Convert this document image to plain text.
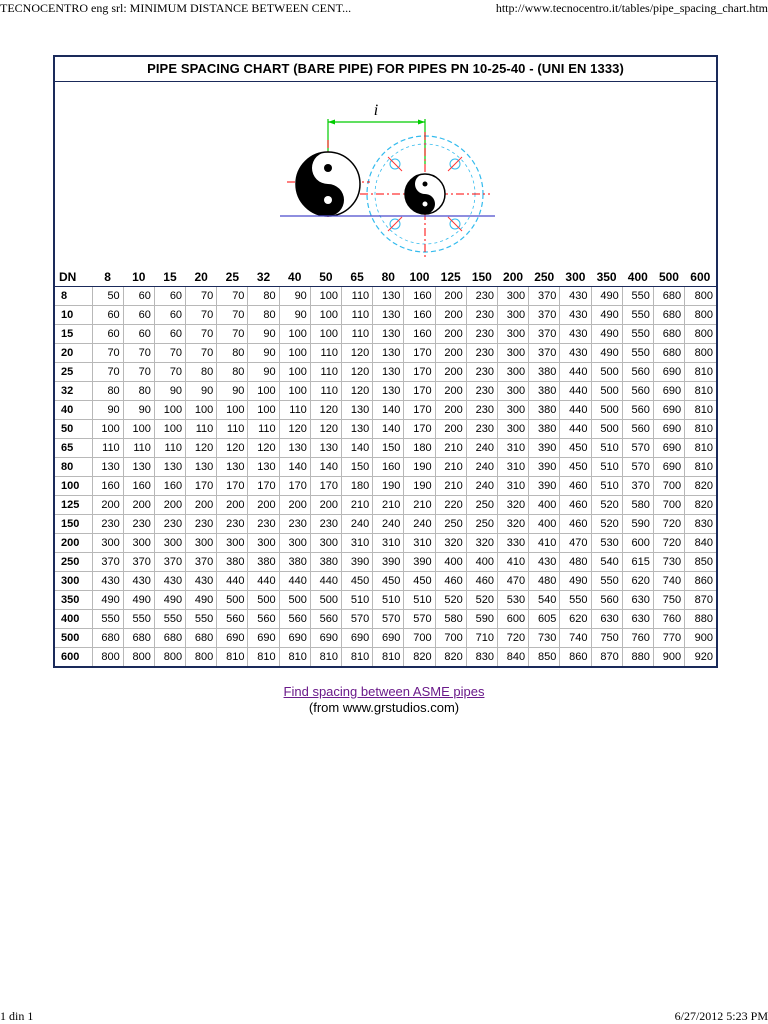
TECNOCENTRO eng srl: MINIMUM DISTANCE BETWEEN CENT...	http://www.tecnocentro.it/tables/pipe_spacing_chart.htm
PIPE SPACING CHART (BARE PIPE) FOR PIPES PN 10-25-40 - (UNI EN 1333)
i
DN	8	10	15	20	25	32	40	50	65	80	100	125	150	200	250	300	350	400	500	600
8	50	60	60	70	70	80	90	100	110	130	160	200	230	300	370	430	490	550	680	800
10	60	60	60	70	70	80	90	100	110	130	160	200	230	300	370	430	490	550	680	800
15	60	60	60	70	70	90	100	100	110	130	160	200	230	300	370	430	490	550	680	800
20	70	70	70	70	80	90	100	110	120	130	170	200	230	300	370	430	490	550	680	800
25	70	70	70	80	80	90	100	110	120	130	170	200	230	300	380	440	500	560	690	810
32	80	80	90	90	90	100	100	110	120	130	170	200	230	300	380	440	500	560	690	810
40	90	90	100	100	100	100	110	120	130	140	170	200	230	300	380	440	500	560	690	810
50	100	100	100	110	110	110	120	120	130	140	170	200	230	300	380	440	500	560	690	810
65	110	110	110	120	120	120	130	130	140	150	180	210	240	310	390	450	510	570	690	810
80	130	130	130	130	130	130	140	140	150	160	190	210	240	310	390	450	510	570	690	810
100	160	160	160	170	170	170	170	170	180	190	190	210	240	310	390	460	510	370	700	820
125	200	200	200	200	200	200	200	200	210	210	210	220	250	320	400	460	520	580	700	820
150	230	230	230	230	230	230	230	230	240	240	240	250	250	320	400	460	520	590	720	830
200	300	300	300	300	300	300	300	300	310	310	310	320	320	330	410	470	530	600	720	840
250	370	370	370	370	380	380	380	380	390	390	390	400	400	410	430	480	540	615	730	850
300	430	430	430	430	440	440	440	440	450	450	450	460	460	470	480	490	550	620	740	860
350	490	490	490	490	500	500	500	500	510	510	510	520	520	530	540	550	560	630	750	870
400	550	550	550	550	560	560	560	560	570	570	570	580	590	600	605	620	630	630	760	880
500	680	680	680	680	690	690	690	690	690	690	700	700	710	720	730	740	750	760	770	900
600	800	800	800	800	810	810	810	810	810	810	820	820	830	840	850	860	870	880	900	920
Find spacing between ASME pipes
(from www.grstudios.com)
1 din 1	6/27/2012 5:23 PM
